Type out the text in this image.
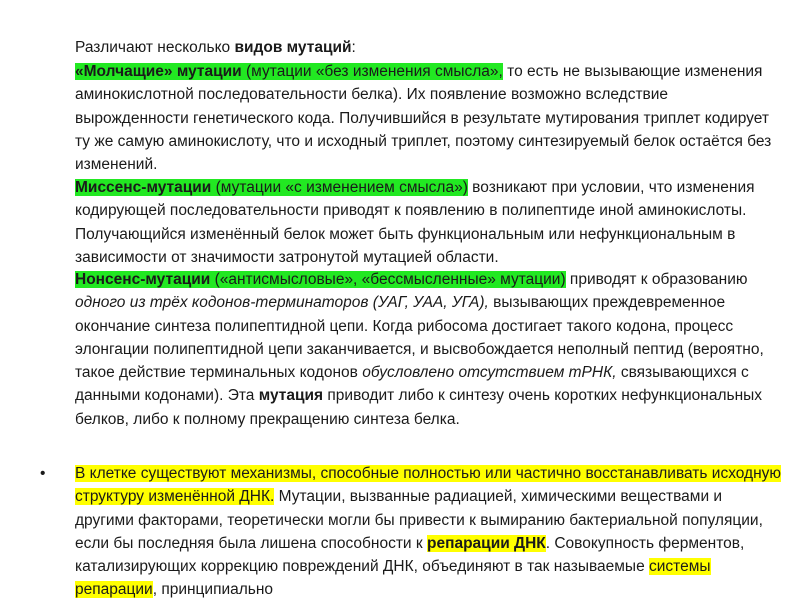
Различают несколько видов мутаций:

«Молчащие» мутации (мутации «без изменения смысла», то есть не вызывающие изменения аминокислотной последовательности белка). Их появление возможно вследствие вырожденности генетического кода. Получившийся в результате мутирования триплет кодирует ту же самую аминокислоту, что и исходный триплет, поэтому синтезируемый белок остаётся без изменений.

Миссенс-мутации (мутации «с изменением смысла») возникают при условии, что изменения кодирующей последовательности приводят к появлению в полипептиде иной аминокислоты. Получающийся изменённый белок может быть функциональным или нефункциональным в зависимости от значимости затронутой мутацией области.

Нонсенс-мутации («антисмысловые», «бессмысленные» мутации) приводят к образованию одного из трёх кодонов-терминаторов (УАГ, УАА, УГА), вызывающих преждевременное окончание синтеза полипептидной цепи. Когда рибосома достигает такого кодона, процесс элонгации полипептидной цепи заканчивается, и высвобождается неполный пептид (вероятно, такое действие терминальных кодонов обусловлено отсутствием тРНК, связывающихся с данными кодонами). Эта мутация приводит либо к синтезу очень коротких нефункциональных белков, либо к полному прекращению синтеза белка.

• В клетке существуют механизмы, способные полностью или частично восстанавливать исходную структуру изменённой ДНК. Мутации, вызванные радиацией, химическими веществами и другими факторами, теоретически могли бы привести к вымиранию бактериальной популяции, если бы последняя была лишена способности к репарации ДНК. Совокупность ферментов, катализирующих коррекцию повреждений ДНК, объединяют в так называемые системы репарации, принципиально
